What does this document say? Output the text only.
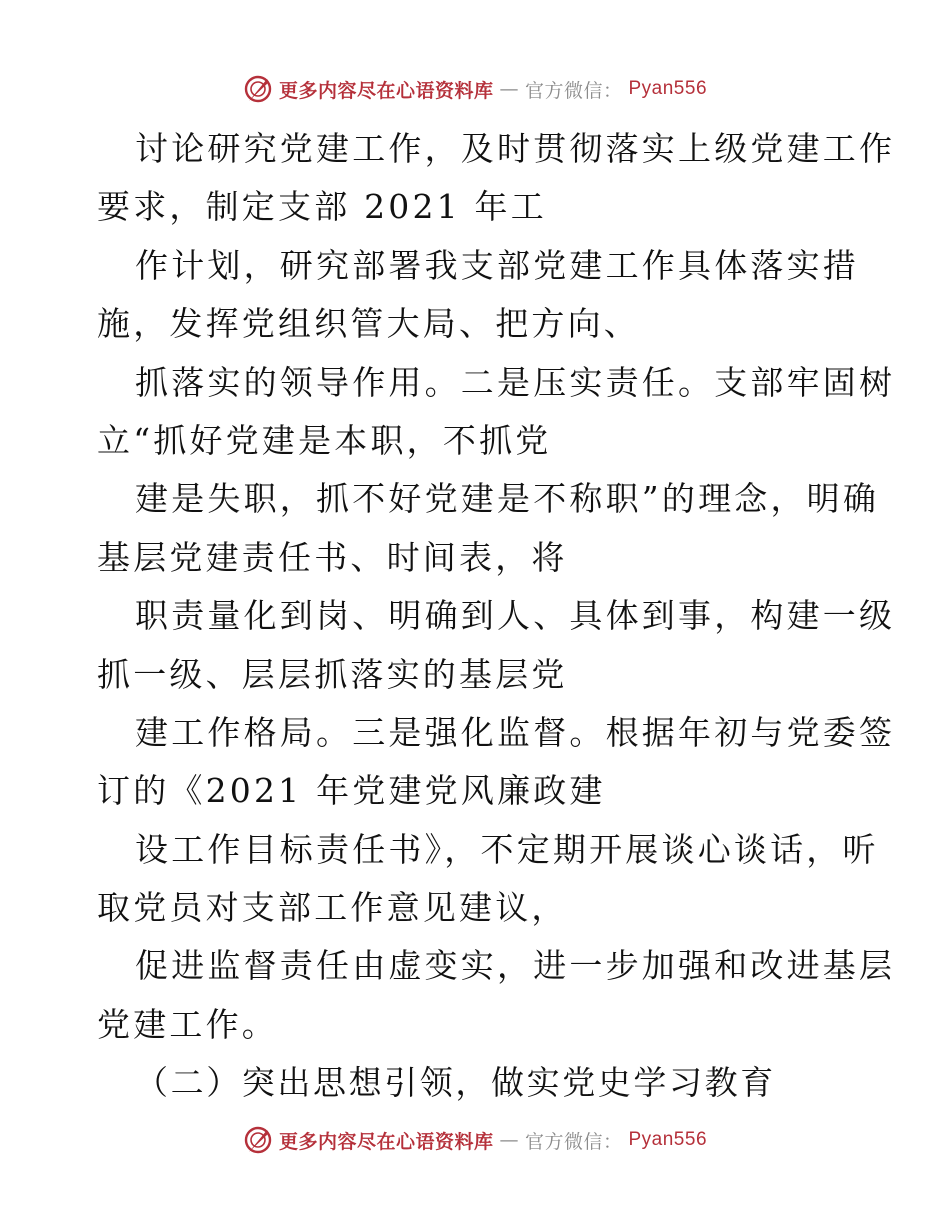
更多内容尽在心语资料库 — 官方微信： Pyan556
讨论研究党建工作，及时贯彻落实上级党建工作
要求，制定支部 2021 年工
作计划，研究部署我支部党建工作具体落实措
施，发挥党组织管大局、把方向、
抓落实的领导作用。二是压实责任。支部牢固树
立“抓好党建是本职，不抓党
建是失职，抓不好党建是不称职”的理念，明确
基层党建责任书、时间表，将
职责量化到岗、明确到人、具体到事，构建一级
抓一级、层层抓落实的基层党
建工作格局。三是强化监督。根据年初与党委签
订的《2021 年党建党风廉政建
设工作目标责任书》，不定期开展谈心谈话，听
取党员对支部工作意见建议，
促进监督责任由虚变实，进一步加强和改进基层
党建工作。
（二）突出思想引领，做实党史学习教育
更多内容尽在心语资料库 — 官方微信： Pyan556
